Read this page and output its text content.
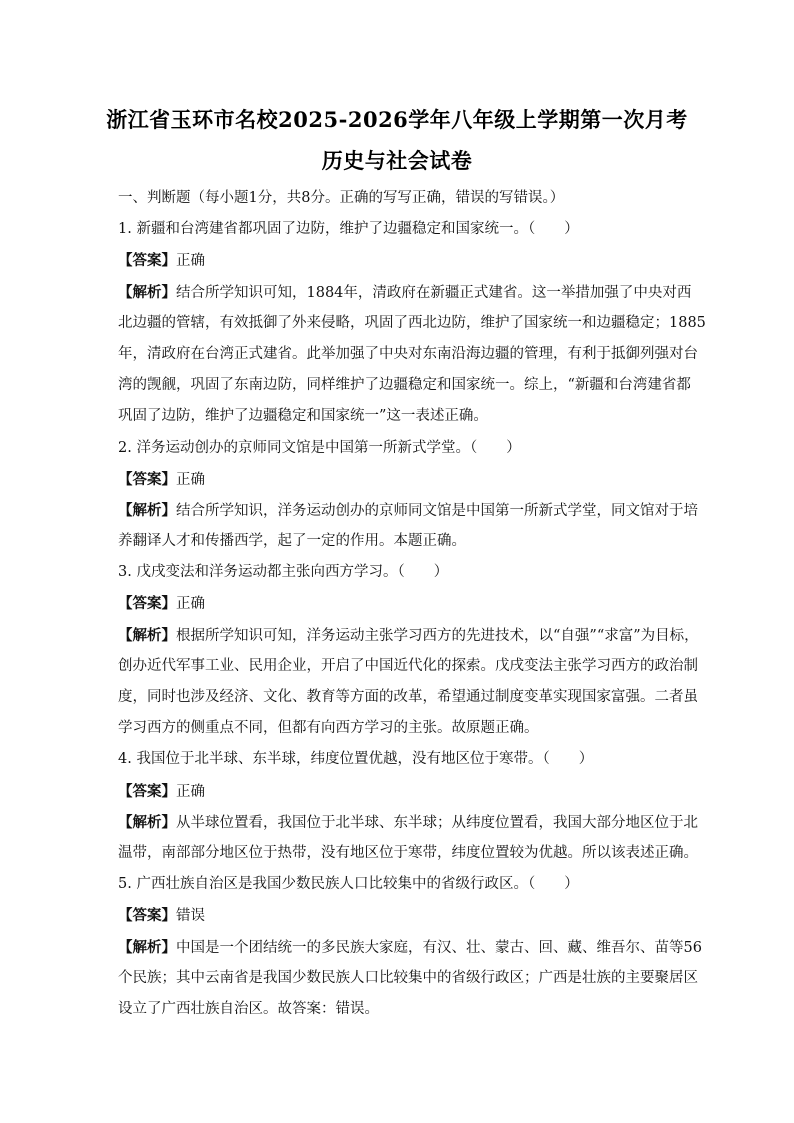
浙江省玉环市名校2025-2026学年八年级上学期第一次月考
历史与社会试卷
一、判断题（每小题1分，共8分。正确的写写正确，错误的写错误。）
1. 新疆和台湾建省都巩固了边防，维护了边疆稳定和国家统一。（　　）
【答案】正确
【解析】结合所学知识可知，1884年，清政府在新疆正式建省。这一举措加强了中央对西
北边疆的管辖，有效抵御了外来侵略，巩固了西北边防，维护了国家统一和边疆稳定；1885
年，清政府在台湾正式建省。此举加强了中央对东南沿海边疆的管理，有利于抵御列强对台
湾的觊觎，巩固了东南边防，同样维护了边疆稳定和国家统一。综上，“新疆和台湾建省都
巩固了边防，维护了边疆稳定和国家统一”这一表述正确。
2. 洋务运动创办的京师同文馆是中国第一所新式学堂。（　　）
【答案】正确
【解析】结合所学知识，洋务运动创办的京师同文馆是中国第一所新式学堂，同文馆对于培
养翻译人才和传播西学，起了一定的作用。本题正确。
3. 戊戌变法和洋务运动都主张向西方学习。（　　）
【答案】正确
【解析】根据所学知识可知，洋务运动主张学习西方的先进技术，以“自强”“求富”为目标，
创办近代军事工业、民用企业，开启了中国近代化的探索。戊戌变法主张学习西方的政治制
度，同时也涉及经济、文化、教育等方面的改革，希望通过制度变革实现国家富强。二者虽
学习西方的侧重点不同，但都有向西方学习的主张。故原题正确。
4. 我国位于北半球、东半球，纬度位置优越，没有地区位于寒带。（　　）
【答案】正确
【解析】从半球位置看，我国位于北半球、东半球；从纬度位置看，我国大部分地区位于北
温带，南部部分地区位于热带，没有地区位于寒带，纬度位置较为优越。所以该表述正确。
5. 广西壮族自治区是我国少数民族人口比较集中的省级行政区。（　　）
【答案】错误
【解析】中国是一个团结统一的多民族大家庭，有汉、壮、蒙古、回、藏、维吾尔、苗等56
个民族；其中云南省是我国少数民族人口比较集中的省级行政区；广西是壮族的主要聚居区
设立了广西壮族自治区。故答案：错误。
